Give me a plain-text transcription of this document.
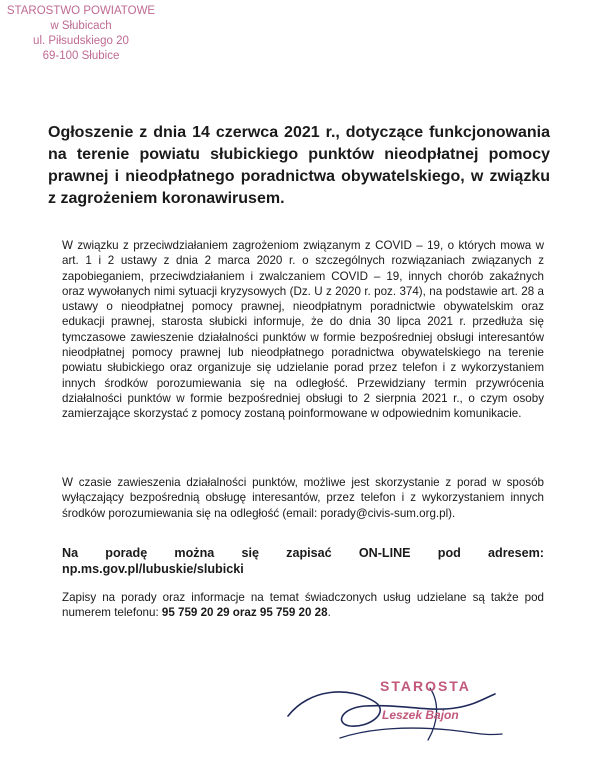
STAROSTWO POWIATOWE
w Słubicach
ul. Piłsudskiego 20
69-100 Słubice
Ogłoszenie z dnia 14 czerwca 2021 r., dotyczące funkcjonowania na terenie powiatu słubickiego punktów nieodpłatnej pomocy prawnej i nieodpłatnego poradnictwa obywatelskiego, w związku z zagrożeniem koronawirusem.
W związku z przeciwdziałaniem zagrożeniom związanym z COVID – 19, o których mowa w art. 1 i 2 ustawy z dnia 2 marca 2020 r. o szczególnych rozwiązaniach związanych z zapobieganiem, przeciwdziałaniem i zwalczaniem COVID – 19, innych chorób zakaźnych oraz wywołanych nimi sytuacji kryzysowych (Dz. U z 2020 r. poz. 374), na podstawie art. 28 a ustawy o nieodpłatnej pomocy prawnej, nieodpłatnym poradnictwie obywatelskim oraz edukacji prawnej, starosta słubicki informuje, że do dnia 30 lipca 2021 r. przedłuża się tymczasowe zawieszenie działalności punktów w formie bezpośredniej obsługi interesantów nieodpłatnej pomocy prawnej lub nieodpłatnego poradnictwa obywatelskiego na terenie powiatu słubickiego oraz organizuje się udzielanie porad przez telefon i z wykorzystaniem innych środków porozumiewania się na odległość. Przewidziany termin przywrócenia działalności punktów w formie bezpośredniej obsługi to 2 sierpnia 2021 r., o czym osoby zamierzające skorzystać z pomocy zostaną poinformowane w odpowiednim komunikacie.
W czasie zawieszenia działalności punktów, możliwe jest skorzystanie z porad w sposób wyłączający bezpośrednią obsługę interesantów, przez telefon i z wykorzystaniem innych środków porozumiewania się na odległość (email: porady@civis-sum.org.pl).
Na poradę można się zapisać ON-LINE pod adresem:
np.ms.gov.pl/lubuskie/slubicki
Zapisy na porady oraz informacje na temat świadczonych usług udzielane są także pod numerem telefonu: 95 759 20 29 oraz 95 759 20 28.
STAROSTA
Leszek Bajon
